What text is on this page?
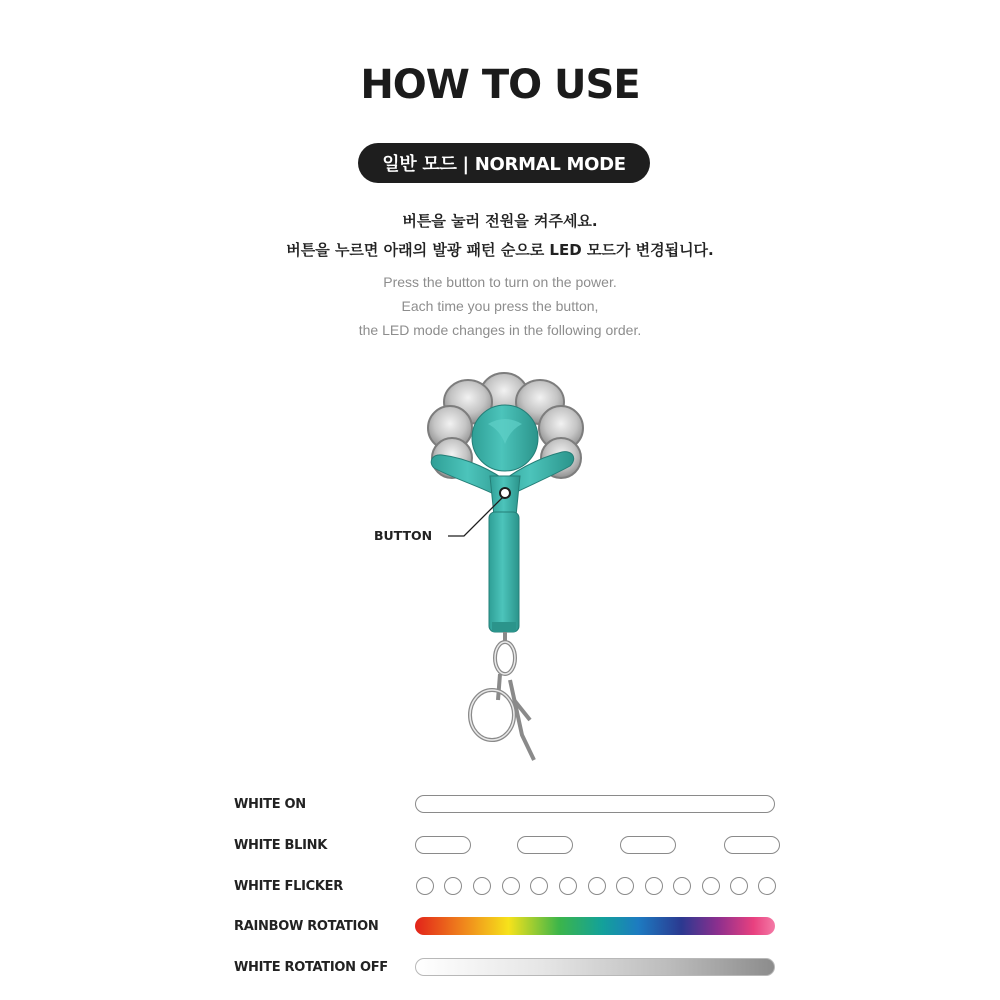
HOW TO USE
일반 모드 | NORMAL MODE
버튼을 눌러 전원을 켜주세요.
버튼을 누르면 아래의 발광 패턴 순으로 LED 모드가 변경됩니다.
Press the button to turn on the power.
Each time you press the button,
the LED mode changes in the following order.
BUTTON
WHITE ON
WHITE BLINK
WHITE FLICKER
RAINBOW ROTATION
WHITE ROTATION OFF
